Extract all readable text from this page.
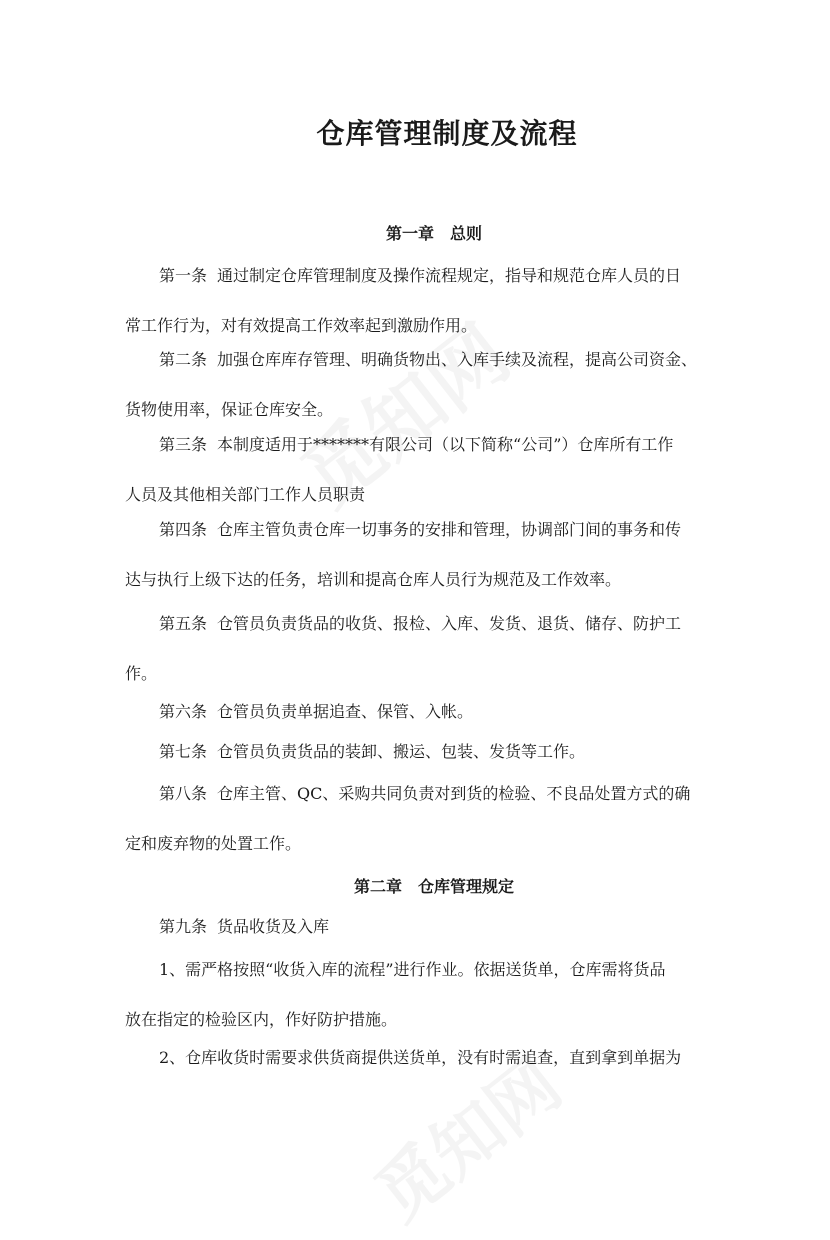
仓库管理制度及流程
第一章　总则
第一条 通过制定仓库管理制度及操作流程规定，指导和规范仓库人员的日
常工作行为，对有效提高工作效率起到激励作用。
第二条 加强仓库库存管理、明确货物出、入库手续及流程，提高公司资金、
货物使用率，保证仓库安全。
第三条 本制度适用于*******有限公司（以下简称“公司”）仓库所有工作
人员及其他相关部门工作人员职责
第四条 仓库主管负责仓库一切事务的安排和管理，协调部门间的事务和传
达与执行上级下达的任务，培训和提高仓库人员行为规范及工作效率。
第五条 仓管员负责货品的收货、报检、入库、发货、退货、储存、防护工
作。
第六条 仓管员负责单据追查、保管、入帐。
第七条 仓管员负责货品的装卸、搬运、包装、发货等工作。
第八条 仓库主管、QC、采购共同负责对到货的检验、不良品处置方式的确
定和废弃物的处置工作。
第二章　仓库管理规定
第九条 货品收货及入库
1、需严格按照“收货入库的流程”进行作业。依据送货单，仓库需将货品
放在指定的检验区内，作好防护措施。
2、仓库收货时需要求供货商提供送货单，没有时需追查，直到拿到单据为
